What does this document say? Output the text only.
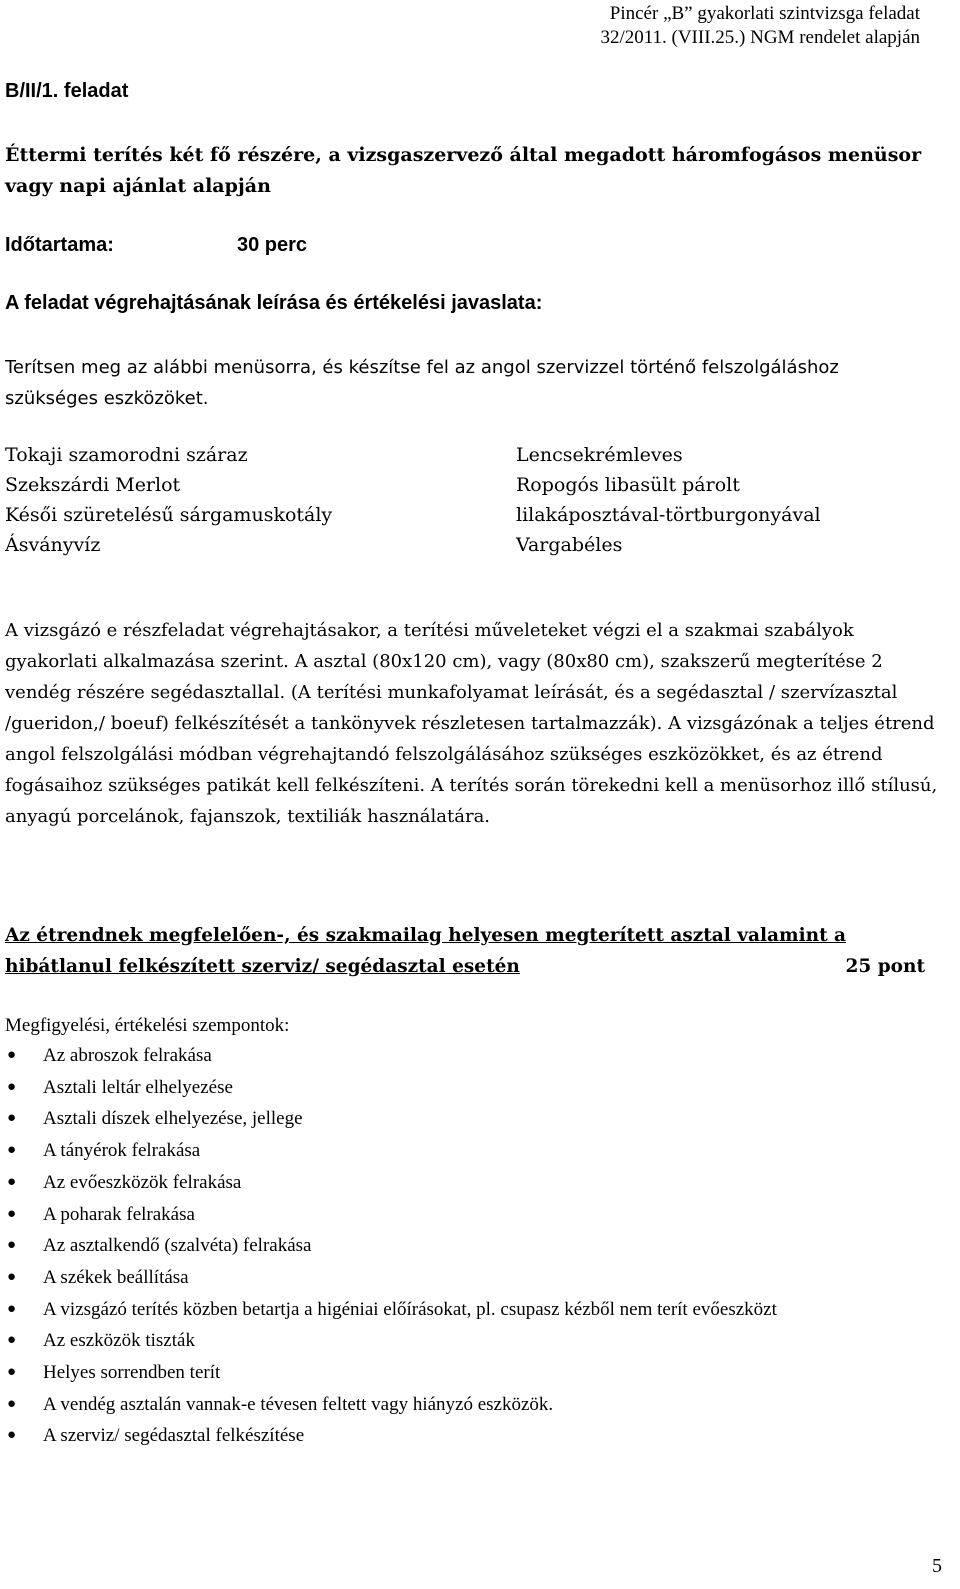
Pincér „B” gyakorlati szintvizsga feladat
32/2011. (VIII.25.) NGM rendelet alapján
B/II/1. feladat
Éttermi terítés két fő részére, a vizsgaszervező által megadott háromfogásos menüsor vagy napi ajánlat alapján
Időtartama:	30 perc
A feladat végrehajtásának leírása és értékelési javaslata:
Terítsen meg az alábbi menüsorra, és készítse fel az angol szervizzel történő felszolgáláshoz szükséges eszközöket.
Tokaji szamorodni száraz
Szekszárdi Merlot
Késői szüretelésű sárgamuskotály
Ásványvíz
Lencsekrémleves
Ropogós libasült párolt
lilakáposztával-törtburgonyával
Vargabéles
A vizsgázó e részfeladat végrehajtásakor, a terítési műveleteket végzi el a szakmai szabályok gyakorlati alkalmazása szerint. A asztal (80x120 cm), vagy (80x80 cm), szakszerű megterítése 2 vendég részére segédasztallal. (A terítési munkafolyamat leírását, és a segédasztal / szervízasztal /gueridon,/ boeuf) felkészítését a tankönyvek részletesen tartalmazzák). A vizsgázónak a teljes étrend angol felszolgálási módban végrehajtandó felszolgálásához szükséges eszközökket, és az étrend fogásaihoz szükséges patikát kell felkészíteni. A terítés során törekedni kell a menüsorhoz illő stílusú, anyagú porcelánok, fajanszok, textiliák használatára.
Az étrendnek megfelelően-, és szakmailag helyesen megterített asztal valamint a hibátlanul felkészített szerviz/ segédasztal esetén	25 pont
Megfigyelési, értékelési szempontok:
● Az abroszok felrakása
● Asztali leltár elhelyezése
● Asztali díszek elhelyezése, jellege
● A tányérok felrakása
● Az evőeszközök felrakása
● A poharak felrakása
● Az asztalkendő (szalvéta) felrakása
● A székek beállítása
● A vizsgázó terítés közben betartja a higéniai előírásokat, pl. csupasz kézből nem terít evőeszközt
● Az eszközök tiszták
● Helyes sorrendben terít
● A vendég asztalán vannak-e tévesen feltett vagy hiányzó eszközök.
● A szerviz/ segédasztal felkészítése
5
